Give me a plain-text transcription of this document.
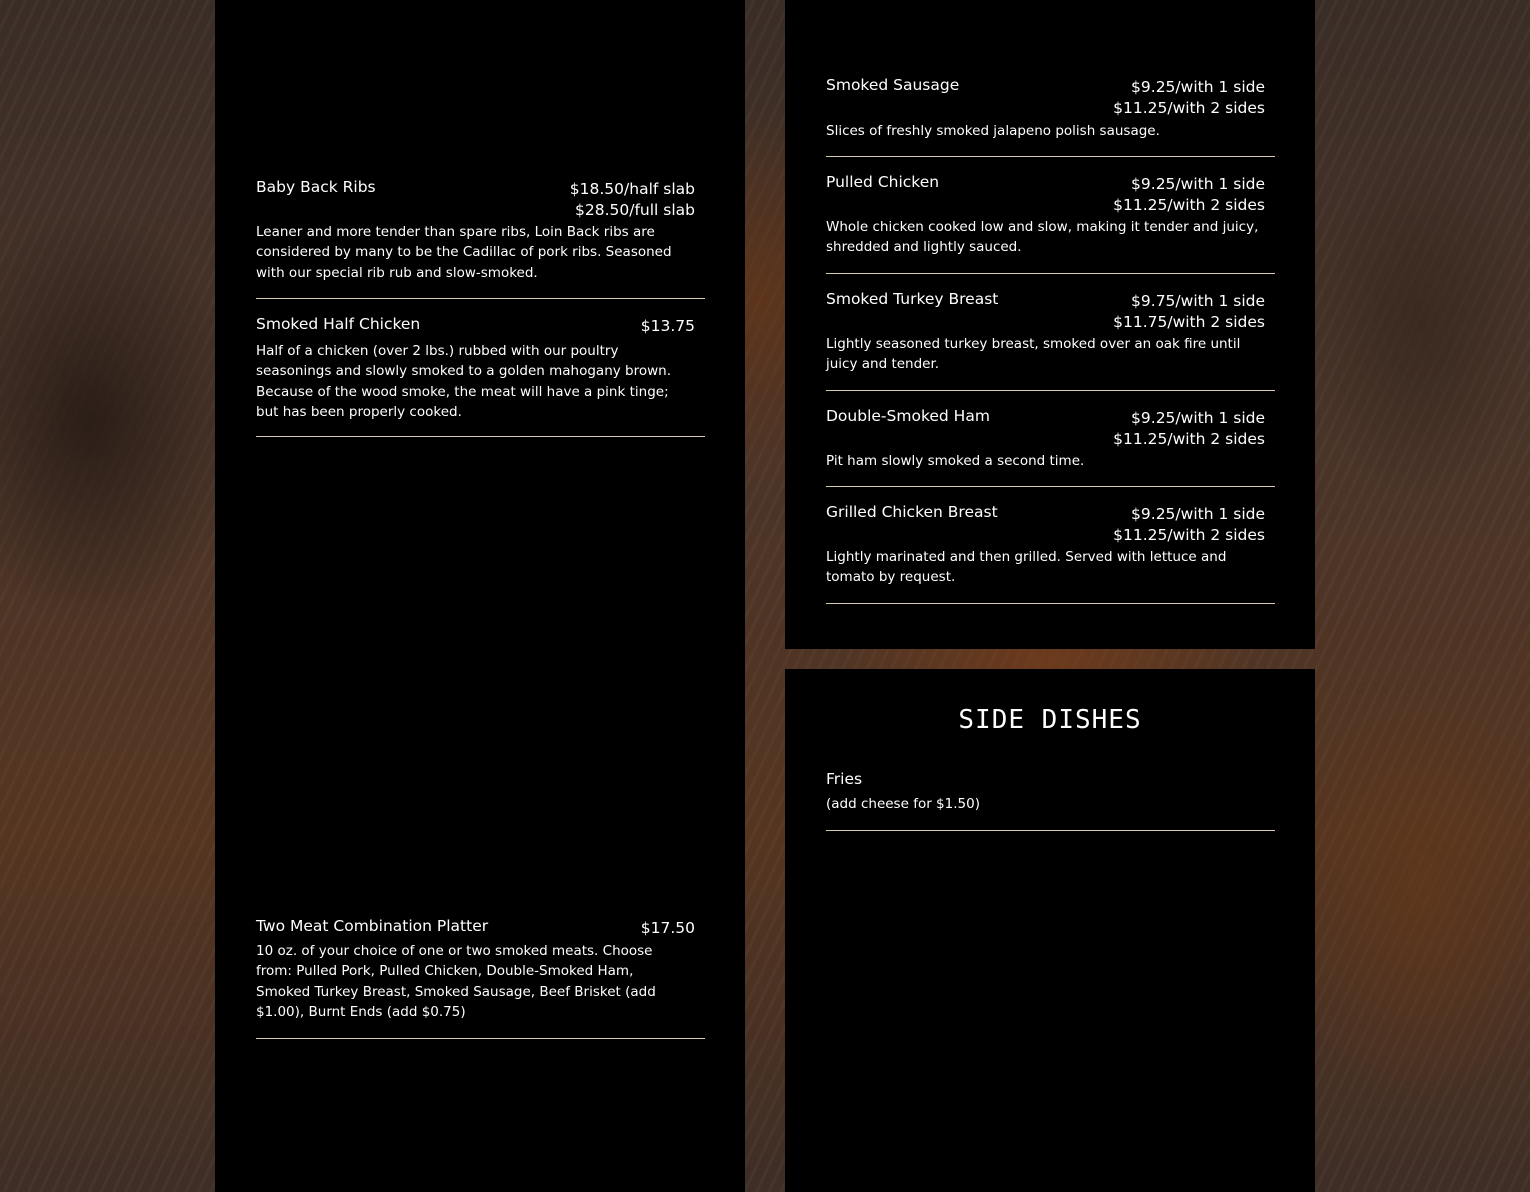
Baby Back Ribs	$18.50/half slab
$28.50/full slab

Leaner and more tender than spare ribs, Loin Back ribs are considered by many to be the Cadillac of pork ribs. Seasoned with our special rib rub and slow-smoked.

Smoked Half Chicken	$13.75

Half of a chicken (over 2 lbs.) rubbed with our poultry seasonings and slowly smoked to a golden mahogany brown. Because of the wood smoke, the meat will have a pink tinge; but has been properly cooked.

Two Meat Combination Platter	$17.50

10 oz. of your choice of one or two smoked meats. Choose from: Pulled Pork, Pulled Chicken, Double-Smoked Ham, Smoked Turkey Breast, Smoked Sausage, Beef Brisket (add $1.00), Burnt Ends (add $0.75)

Smoked Sausage	$9.25/with 1 side
$11.25/with 2 sides

Slices of freshly smoked jalapeno polish sausage.

Pulled Chicken	$9.25/with 1 side
$11.25/with 2 sides

Whole chicken cooked low and slow, making it tender and juicy, shredded and lightly sauced.

Smoked Turkey Breast	$9.75/with 1 side
$11.75/with 2 sides

Lightly seasoned turkey breast, smoked over an oak fire until juicy and tender.

Double-Smoked Ham	$9.25/with 1 side
$11.25/with 2 sides

Pit ham slowly smoked a second time.

Grilled Chicken Breast	$9.25/with 1 side
$11.25/with 2 sides

Lightly marinated and then grilled. Served with lettuce and tomato by request.

SIDE DISHES
Fries

(add cheese for $1.50)
